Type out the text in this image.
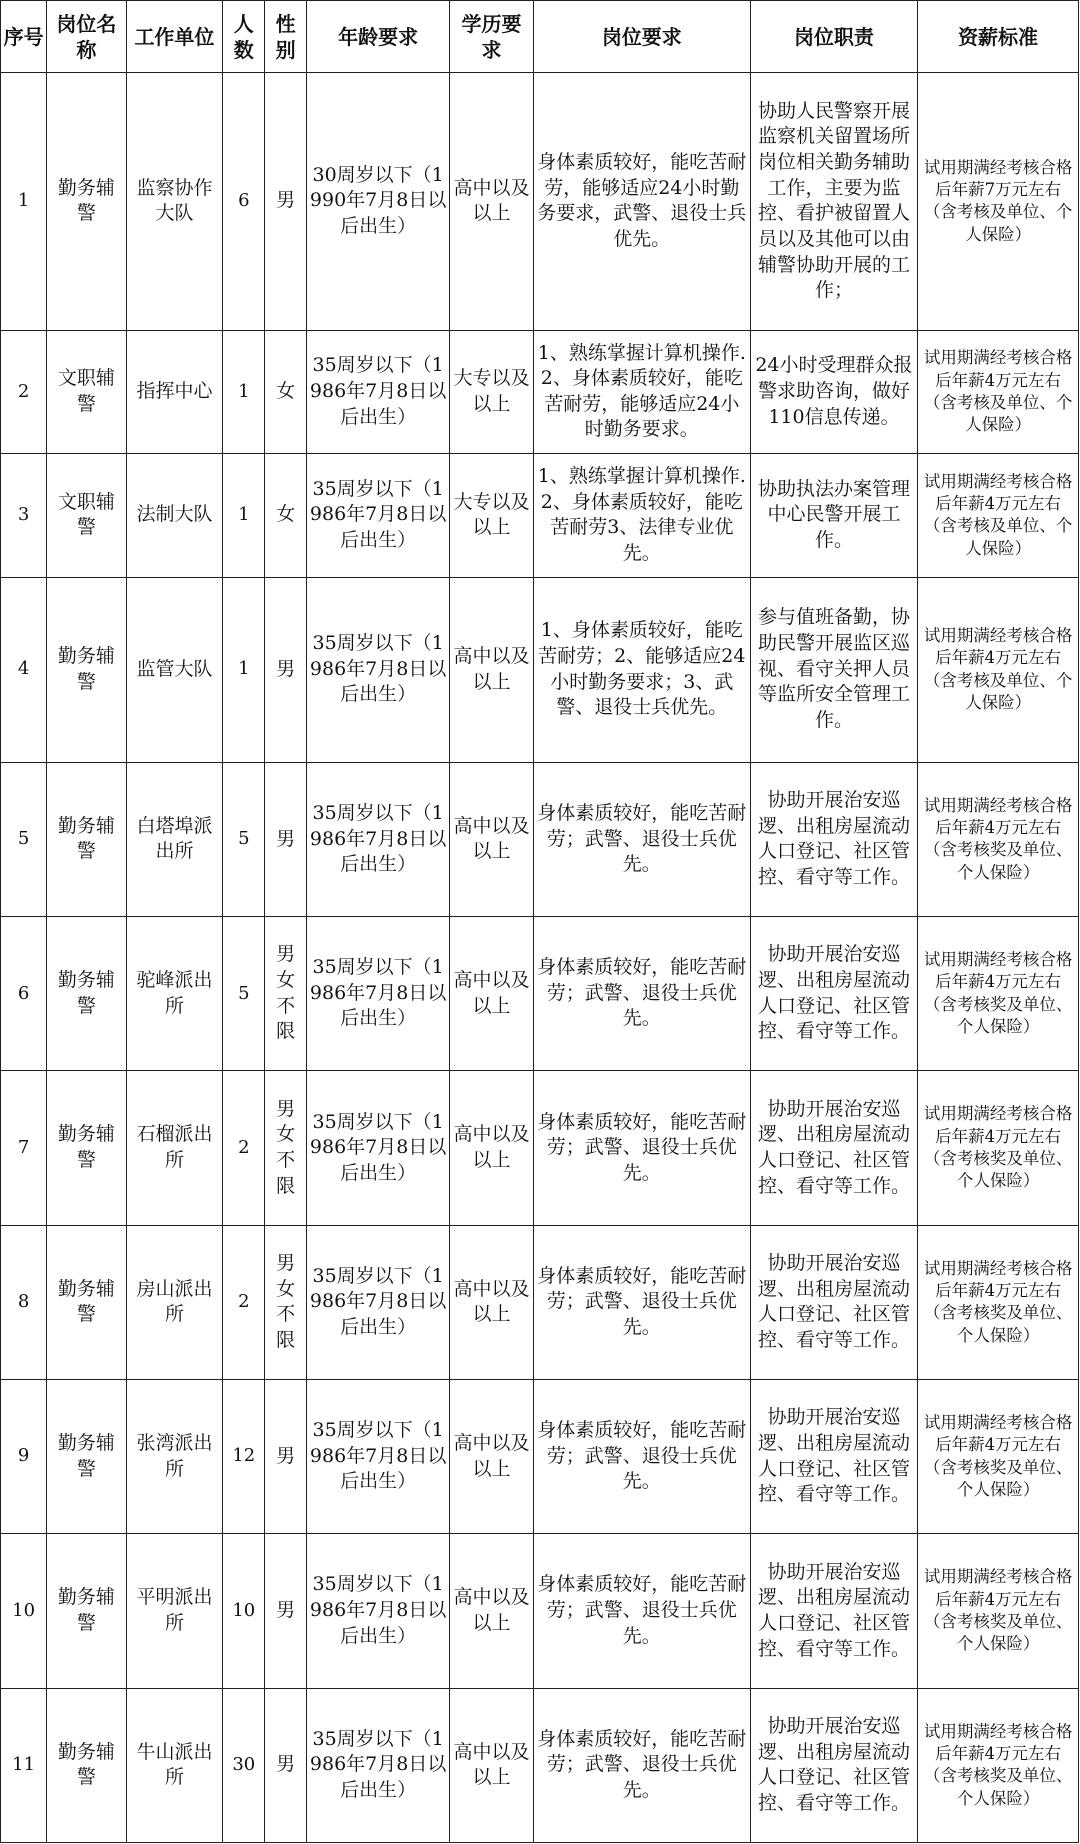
序号	岗位名称	工作单位	人数	性别	年龄要求	学历要求	岗位要求	岗位职责	资薪标准
1	勤务辅警	监察协作大队	6	男	30周岁以下（1990年7月8日以后出生）	高中以及以上	身体素质较好，能吃苦耐劳，能够适应24小时勤务要求，武警、退役士兵优先。	协助人民警察开展监察机关留置场所岗位相关勤务辅助工作，主要为监控、看护被留置人员以及其他可以由辅警协助开展的工作；	试用期满经考核合格后年薪7万元左右（含考核及单位、个人保险）
2	文职辅警	指挥中心	1	女	35周岁以下（1986年7月8日以后出生）	大专以及以上	1、熟练掌握计算机操作.2、身体素质较好，能吃苦耐劳，能够适应24小时勤务要求。	24小时受理群众报警求助咨询，做好110信息传递。	试用期满经考核合格后年薪4万元左右（含考核及单位、个人保险）
3	文职辅警	法制大队	1	女	35周岁以下（1986年7月8日以后出生）	大专以及以上	1、熟练掌握计算机操作.2、身体素质较好，能吃苦耐劳3、法律专业优先。	协助执法办案管理中心民警开展工作。	试用期满经考核合格后年薪4万元左右（含考核及单位、个人保险）
4	勤务辅警	监管大队	1	男	35周岁以下（1986年7月8日以后出生）	高中以及以上	1、身体素质较好，能吃苦耐劳；2、能够适应24小时勤务要求；3、武警、退役士兵优先。	参与值班备勤，协助民警开展监区巡视、看守关押人员等监所安全管理工作。	试用期满经考核合格后年薪4万元左右（含考核及单位、个人保险）
5	勤务辅警	白塔埠派出所	5	男	35周岁以下（1986年7月8日以后出生）	高中以及以上	身体素质较好，能吃苦耐劳；武警、退役士兵优先。	协助开展治安巡逻、出租房屋流动人口登记、社区管控、看守等工作。	试用期满经考核合格后年薪4万元左右（含考核奖及单位、个人保险）
6	勤务辅警	驼峰派出所	5	男女不限	35周岁以下（1986年7月8日以后出生）	高中以及以上	身体素质较好，能吃苦耐劳；武警、退役士兵优先。	协助开展治安巡逻、出租房屋流动人口登记、社区管控、看守等工作。	试用期满经考核合格后年薪4万元左右（含考核奖及单位、个人保险）
7	勤务辅警	石榴派出所	2	男女不限	35周岁以下（1986年7月8日以后出生）	高中以及以上	身体素质较好，能吃苦耐劳；武警、退役士兵优先。	协助开展治安巡逻、出租房屋流动人口登记、社区管控、看守等工作。	试用期满经考核合格后年薪4万元左右（含考核奖及单位、个人保险）
8	勤务辅警	房山派出所	2	男女不限	35周岁以下（1986年7月8日以后出生）	高中以及以上	身体素质较好，能吃苦耐劳；武警、退役士兵优先。	协助开展治安巡逻、出租房屋流动人口登记、社区管控、看守等工作。	试用期满经考核合格后年薪4万元左右（含考核奖及单位、个人保险）
9	勤务辅警	张湾派出所	12	男	35周岁以下（1986年7月8日以后出生）	高中以及以上	身体素质较好，能吃苦耐劳；武警、退役士兵优先。	协助开展治安巡逻、出租房屋流动人口登记、社区管控、看守等工作。	试用期满经考核合格后年薪4万元左右（含考核奖及单位、个人保险）
10	勤务辅警	平明派出所	10	男	35周岁以下（1986年7月8日以后出生）	高中以及以上	身体素质较好，能吃苦耐劳；武警、退役士兵优先。	协助开展治安巡逻、出租房屋流动人口登记、社区管控、看守等工作。	试用期满经考核合格后年薪4万元左右（含考核奖及单位、个人保险）
11	勤务辅警	牛山派出所	30	男	35周岁以下（1986年7月8日以后出生）	高中以及以上	身体素质较好，能吃苦耐劳；武警、退役士兵优先。	协助开展治安巡逻、出租房屋流动人口登记、社区管控、看守等工作。	试用期满经考核合格后年薪4万元左右（含考核奖及单位、个人保险）
